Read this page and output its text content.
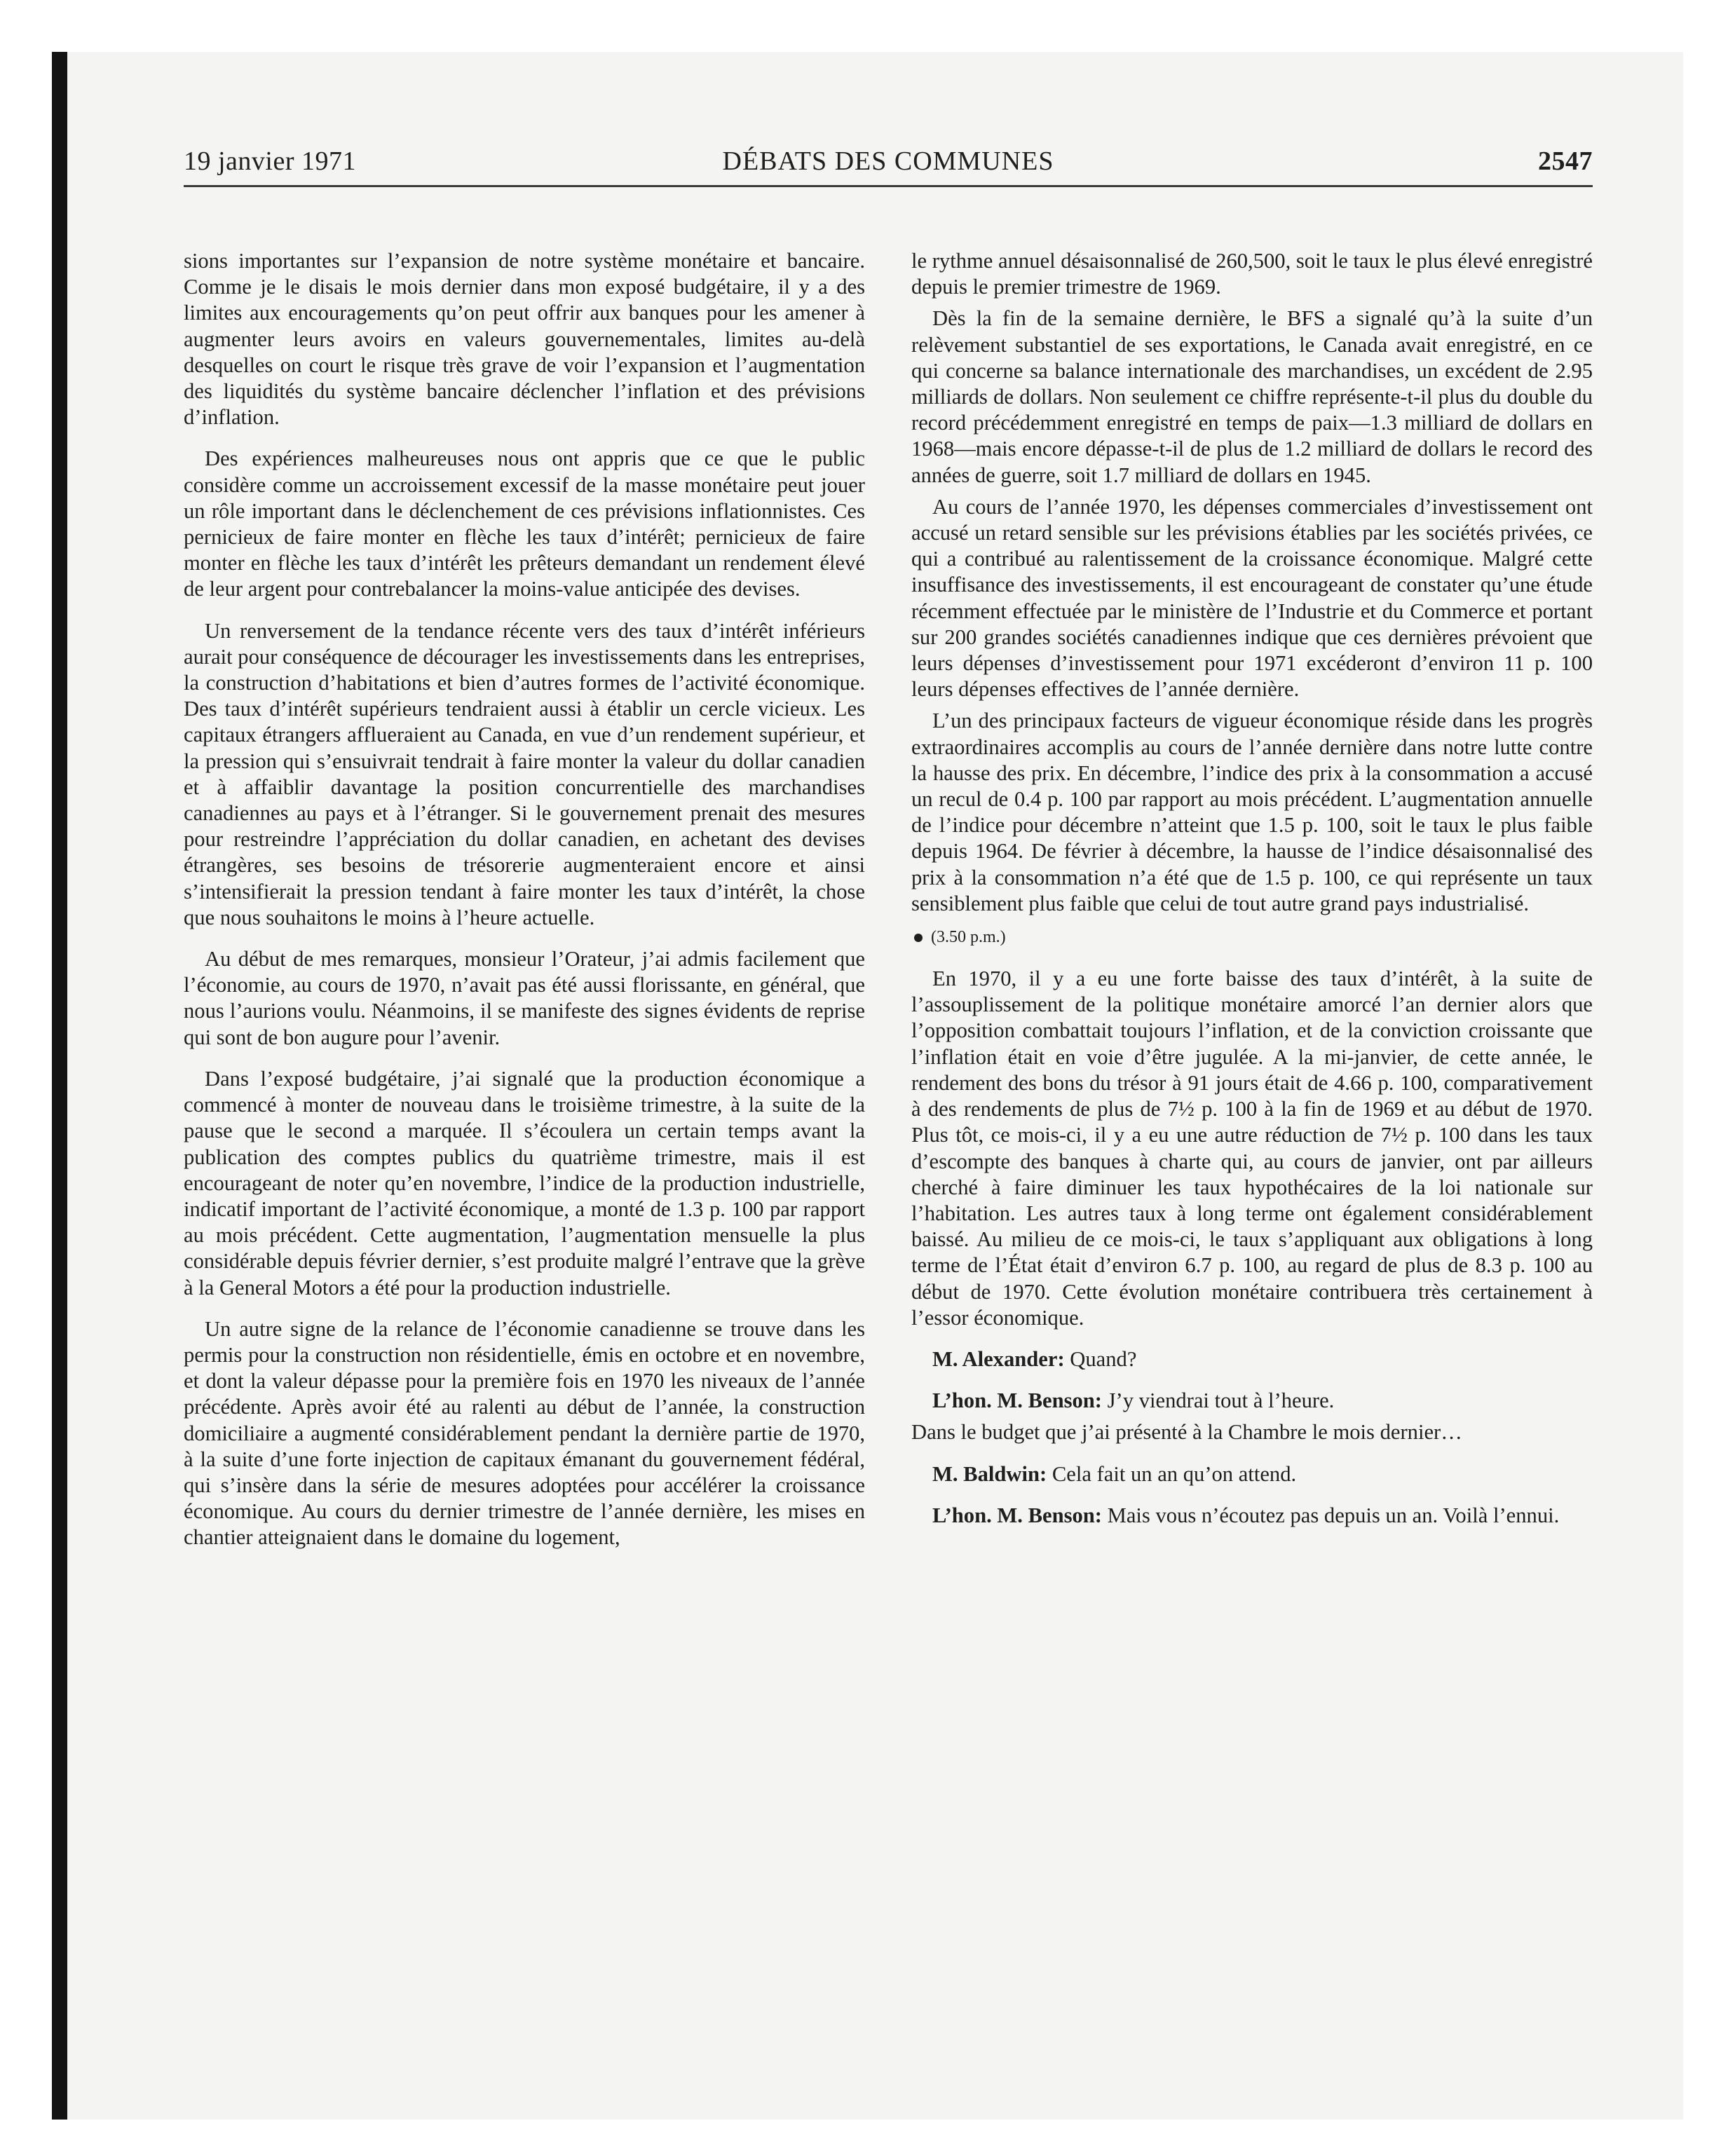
DÉBATS DES COMMUNES
19 janvier 1971	2547

sions importantes sur l’expansion de notre système monétaire et bancaire. Comme je le disais le mois dernier dans mon exposé budgétaire, il y a des limites aux encouragements qu’on peut offrir aux banques pour les amener à augmenter leurs avoirs en valeurs gouvernementales, limites au-delà desquelles on court le risque très grave de voir l’expansion et l’augmentation des liquidités du système bancaire déclencher l’inflation et des prévisions d’inflation.

Des expériences malheureuses nous ont appris que ce que le public considère comme un accroissement excessif de la masse monétaire peut jouer un rôle important dans le déclenchement de ces prévisions inflationnistes. Ces pernicieux de faire monter en flèche les taux d’intérêt; pernicieux de faire monter en flèche les taux d’intérêt les prêteurs demandant un rendement élevé de leur argent pour contrebalancer la moins-value anticipée des devises.

Un renversement de la tendance récente vers des taux d’intérêt inférieurs aurait pour conséquence de décourager les investissements dans les entreprises, la construction d’habitations et bien d’autres formes de l’activité économique. Des taux d’intérêt supérieurs tendraient aussi à établir un cercle vicieux. Les capitaux étrangers afflueraient au Canada, en vue d’un rendement supérieur, et la pression qui s’ensuivrait tendrait à faire monter la valeur du dollar canadien et à affaiblir davantage la position concurrentielle des marchandises canadiennes au pays et à l’étranger. Si le gouvernement prenait des mesures pour restreindre l’appréciation du dollar canadien, en achetant des devises étrangères, ses besoins de trésorerie augmenteraient encore et ainsi s’intensifierait la pression tendant à faire monter les taux d’intérêt, la chose que nous souhaitons le moins à l’heure actuelle.

Au début de mes remarques, monsieur l’Orateur, j’ai admis facilement que l’économie, au cours de 1970, n’avait pas été aussi florissante, en général, que nous l’aurions voulu. Néanmoins, il se manifeste des signes évidents de reprise qui sont de bon augure pour l’avenir.

Dans l’exposé budgétaire, j’ai signalé que la production économique a commencé à monter de nouveau dans le troisième trimestre, à la suite de la pause que le second a marquée. Il s’écoulera un certain temps avant la publication des comptes publics du quatrième trimestre, mais il est encourageant de noter qu’en novembre, l’indice de la production industrielle, indicatif important de l’activité économique, a monté de 1.3 p. 100 par rapport au mois précédent. Cette augmentation, l’augmentation mensuelle la plus considérable depuis février dernier, s’est produite malgré l’entrave que la grève à la General Motors a été pour la production industrielle.

Un autre signe de la relance de l’économie canadienne se trouve dans les permis pour la construction non résidentielle, émis en octobre et en novembre, et dont la valeur dépasse pour la première fois en 1970 les niveaux de l’année précédente. Après avoir été au ralenti au début de l’année, la construction domiciliaire a augmenté considérablement pendant la dernière partie de 1970, à la suite d’une forte injection de capitaux émanant du gouvernement fédéral, qui s’insère dans la série de mesures adoptées pour accélérer la croissance économique. Au cours du dernier trimestre de l’année dernière, les mises en chantier atteignaient dans le domaine du logement,

le rythme annuel désaisonnalisé de 260,500, soit le taux le plus élevé enregistré depuis le premier trimestre de 1969.

Dès la fin de la semaine dernière, le BFS a signalé qu’à la suite d’un relèvement substantiel de ses exportations, le Canada avait enregistré, en ce qui concerne sa balance internationale des marchandises, un excédent de 2.95 milliards de dollars. Non seulement ce chiffre représente-t-il plus du double du record précédemment enregistré en temps de paix—1.3 milliard de dollars en 1968—mais encore dépasse-t-il de plus de 1.2 milliard de dollars le record des années de guerre, soit 1.7 milliard de dollars en 1945.

Au cours de l’année 1970, les dépenses commerciales d’investissement ont accusé un retard sensible sur les prévisions établies par les sociétés privées, ce qui a contribué au ralentissement de la croissance économique. Malgré cette insuffisance des investissements, il est encourageant de constater qu’une étude récemment effectuée par le ministère de l’Industrie et du Commerce et portant sur 200 grandes sociétés canadiennes indique que ces dernières prévoient que leurs dépenses d’investissement pour 1971 excéderont d’environ 11 p. 100 leurs dépenses effectives de l’année dernière.

L’un des principaux facteurs de vigueur économique réside dans les progrès extraordinaires accomplis au cours de l’année dernière dans notre lutte contre la hausse des prix. En décembre, l’indice des prix à la consommation a accusé un recul de 0.4 p. 100 par rapport au mois précédent. L’augmentation annuelle de l’indice pour décembre n’atteint que 1.5 p. 100, soit le taux le plus faible depuis 1964. De février à décembre, la hausse de l’indice désaisonnalisé des prix à la consommation n’a été que de 1.5 p. 100, ce qui représente un taux sensiblement plus faible que celui de tout autre grand pays industrialisé.

(3.50 p.m.)

En 1970, il y a eu une forte baisse des taux d’intérêt, à la suite de l’assouplissement de la politique monétaire amorcé l’an dernier alors que l’opposition combattait toujours l’inflation, et de la conviction croissante que l’inflation était en voie d’être jugulée. A la mi-janvier, de cette année, le rendement des bons du trésor à 91 jours était de 4.66 p. 100, comparativement à des rendements de plus de 7½ p. 100 à la fin de 1969 et au début de 1970. Plus tôt, ce mois-ci, il y a eu une autre réduction de 7½ p. 100 dans les taux d’escompte des banques à charte qui, au cours de janvier, ont par ailleurs cherché à faire diminuer les taux hypothécaires de la loi nationale sur l’habitation. Les autres taux à long terme ont également considérablement baissé. Au milieu de ce mois-ci, le taux s’appliquant aux obligations à long terme de l’État était d’environ 6.7 p. 100, au regard de plus de 8.3 p. 100 au début de 1970. Cette évolution monétaire contribuera très certainement à l’essor économique.

M. Alexander: Quand?

L’hon. M. Benson: J’y viendrai tout à l’heure.

Dans le budget que j’ai présenté à la Chambre le mois dernier…

M. Baldwin: Cela fait un an qu’on attend.

L’hon. M. Benson: Mais vous n’écoutez pas depuis un an. Voilà l’ennui.
